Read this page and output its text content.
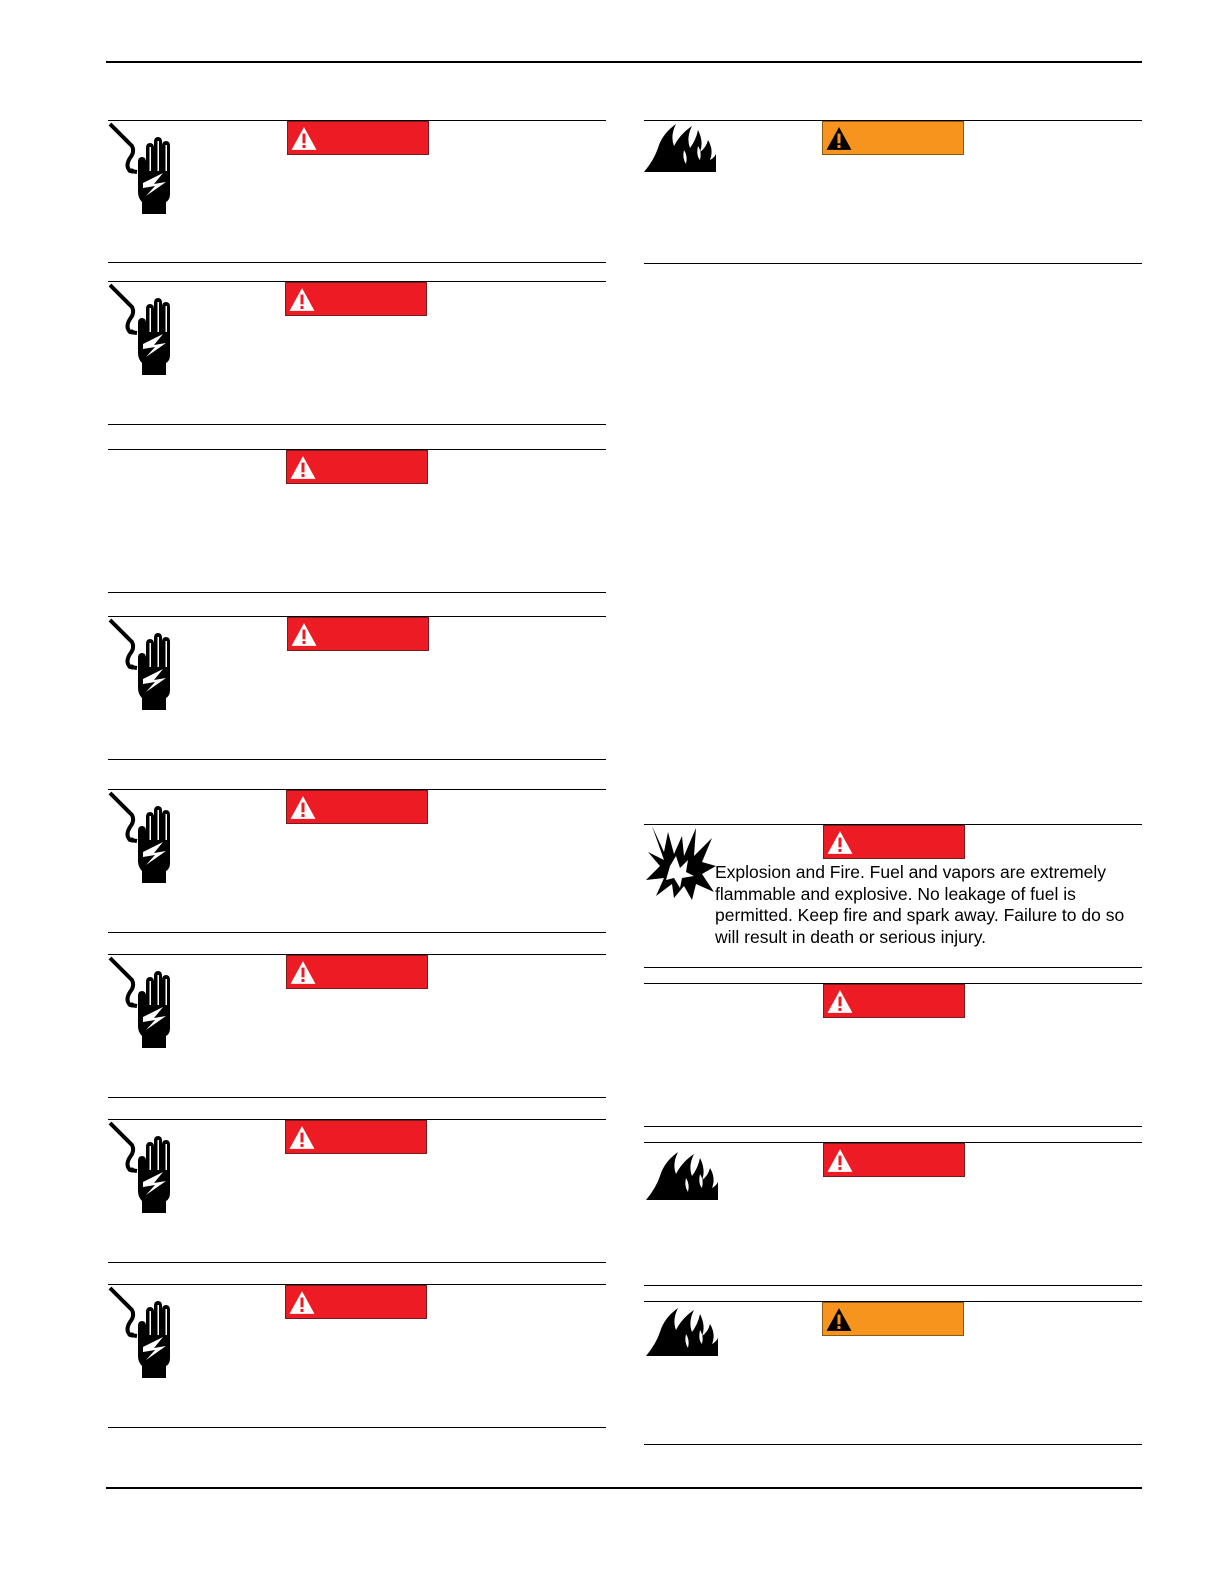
Explosion and Fire. Fuel and vapors are extremely flammable and explosive. No leakage of fuel is permitted. Keep fire and spark away. Failure to do so will result in death or serious injury.
